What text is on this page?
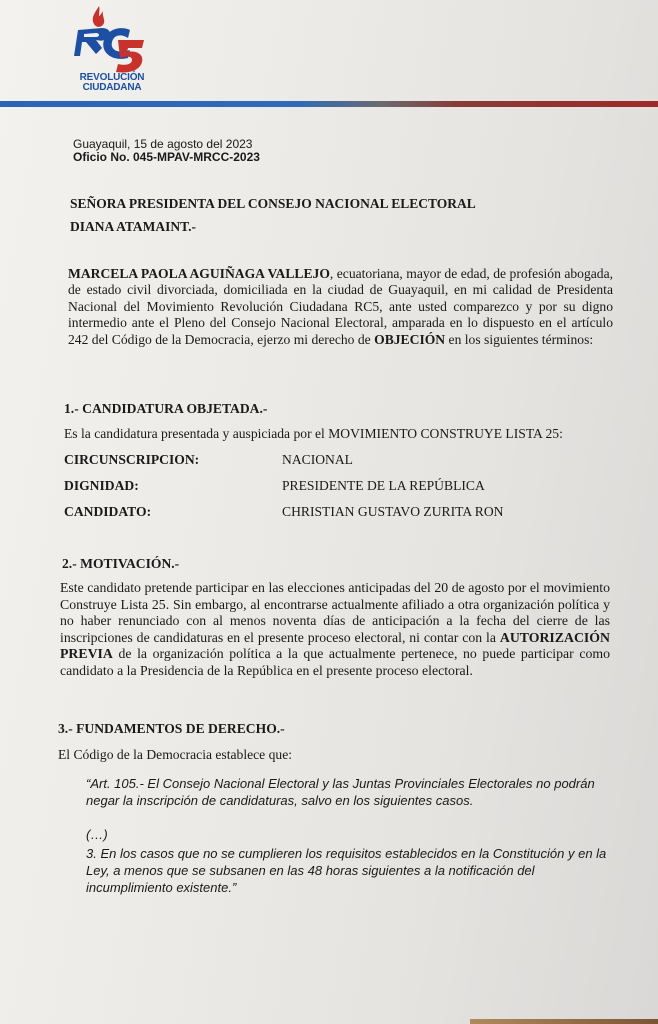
REVOLUCIÓN
CIUDADANA
Guayaquil, 15 de agosto del 2023
Oficio No. 045-MPAV-MRCC-2023
SEÑORA PRESIDENTA DEL CONSEJO NACIONAL ELECTORAL
DIANA ATAMAINT.-
MARCELA PAOLA AGUIÑAGA VALLEJO, ecuatoriana, mayor de edad, de profesión abogada, de estado civil divorciada, domiciliada en la ciudad de Guayaquil, en mi calidad de Presidenta Nacional del Movimiento Revolución Ciudadana RC5, ante usted comparezco y por su digno intermedio ante el Pleno del Consejo Nacional Electoral, amparada en lo dispuesto en el artículo 242 del Código de la Democracia, ejerzo mi derecho de OBJECIÓN en los siguientes términos:
1.- CANDIDATURA OBJETADA.-
Es la candidatura presentada y auspiciada por el MOVIMIENTO CONSTRUYE LISTA 25:
CIRCUNSCRIPCION:	NACIONAL
DIGNIDAD:	PRESIDENTE DE LA REPÚBLICA
CANDIDATO:	CHRISTIAN GUSTAVO ZURITA RON
2.- MOTIVACIÓN.-
Este candidato pretende participar en las elecciones anticipadas del 20 de agosto por el movimiento Construye Lista 25. Sin embargo, al encontrarse actualmente afiliado a otra organización política y no haber renunciado con al menos noventa días de anticipación a la fecha del cierre de las inscripciones de candidaturas en el presente proceso electoral, ni contar con la AUTORIZACIÓN PREVIA de la organización política a la que actualmente pertenece, no puede participar como candidato a la Presidencia de la República en el presente proceso electoral.
3.- FUNDAMENTOS DE DERECHO.-
El Código de la Democracia establece que:
“Art. 105.- El Consejo Nacional Electoral y las Juntas Provinciales Electorales no podrán negar la inscripción de candidaturas, salvo en los siguientes casos.
(…)
3. En los casos que no se cumplieren los requisitos establecidos en la Constitución y en la Ley, a menos que se subsanen en las 48 horas siguientes a la notificación del incumplimiento existente.”
